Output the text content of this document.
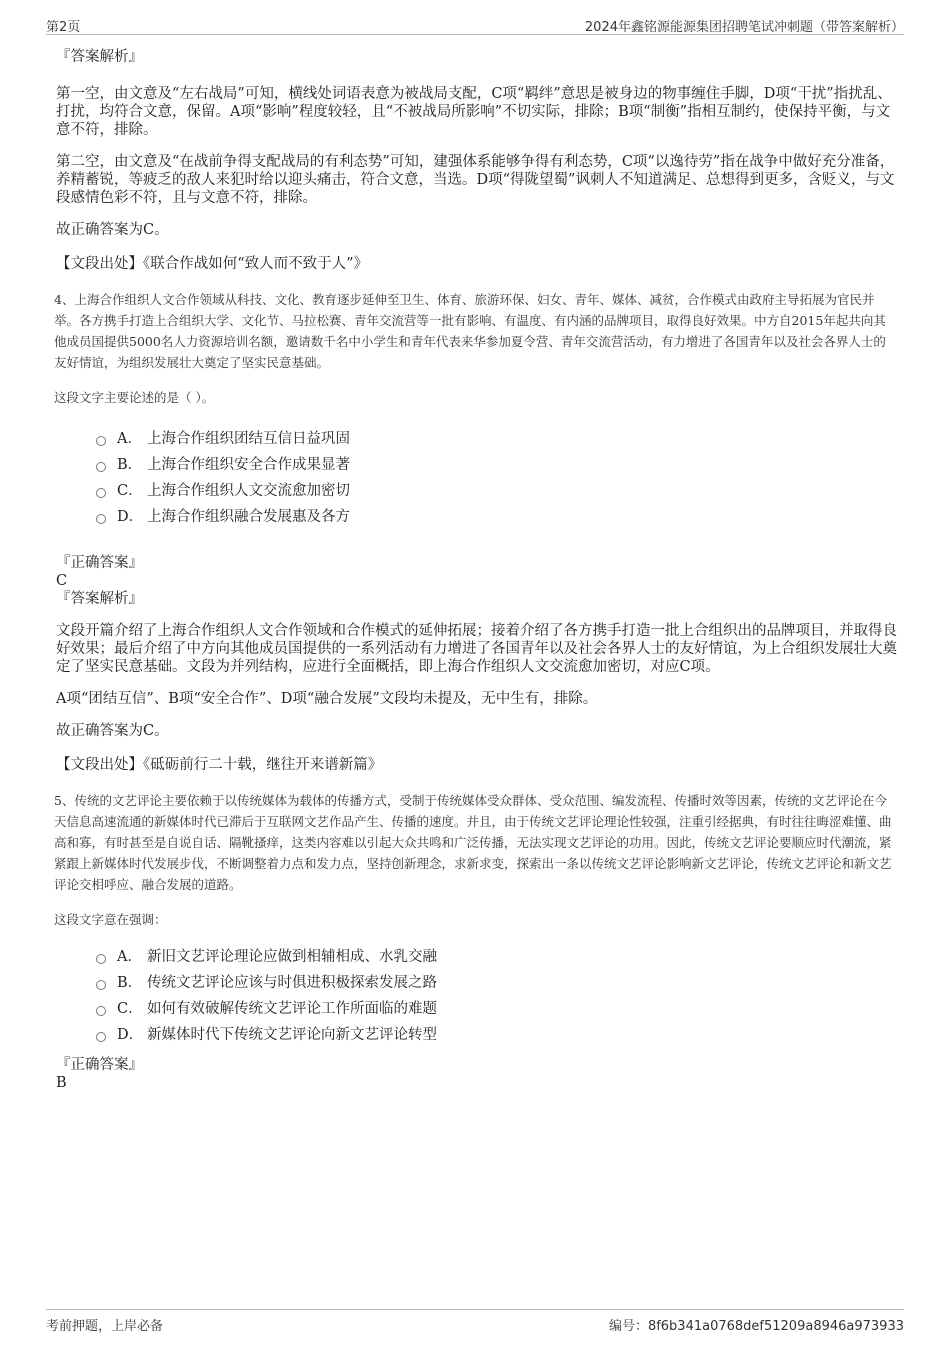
第2页	2024年鑫铭源能源集团招聘笔试冲刺题（带答案解析）

『答案解析』

第一空，由文意及“左右战局”可知，横线处词语表意为被战局支配，C项“羁绊”意思是被身边的物事缠住手脚，D项“干扰”指扰乱、打扰，均符合文意，保留。A项“影响”程度较轻，且“不被战局所影响”不切实际，排除；B项“制衡”指相互制约，使保持平衡，与文意不符，排除。

第二空，由文意及“在战前争得支配战局的有利态势”可知，建强体系能够争得有利态势，C项“以逸待劳”指在战争中做好充分准备，养精蓄锐，等疲乏的敌人来犯时给以迎头痛击，符合文意，当选。D项“得陇望蜀”讽刺人不知道满足、总想得到更多，含贬义，与文段感情色彩不符，且与文意不符，排除。

故正确答案为C。

【文段出处】《联合作战如何“致人而不致于人”》

4、上海合作组织人文合作领域从科技、文化、教育逐步延伸至卫生、体育、旅游环保、妇女、青年、媒体、减贫，合作模式由政府主导拓展为官民并举。各方携手打造上合组织大学、文化节、马拉松赛、青年交流营等一批有影响、有温度、有内涵的品牌项目，取得良好效果。中方自2015年起共向其他成员国提供5000名人力资源培训名额，邀请数千名中小学生和青年代表来华参加夏令营、青年交流营活动，有力增进了各国青年以及社会各界人士的友好情谊，为组织发展壮大奠定了坚实民意基础。

这段文字主要论述的是（ ）。

A． 上海合作组织团结互信日益巩固
B． 上海合作组织安全合作成果显著
C． 上海合作组织人文交流愈加密切
D． 上海合作组织融合发展惠及各方

『正确答案』

C

『答案解析』

文段开篇介绍了上海合作组织人文合作领域和合作模式的延伸拓展；接着介绍了各方携手打造一批上合组织出的品牌项目，并取得良好效果；最后介绍了中方向其他成员国提供的一系列活动有力增进了各国青年以及社会各界人士的友好情谊，为上合组织发展壮大奠定了坚实民意基础。文段为并列结构，应进行全面概括，即上海合作组织人文交流愈加密切，对应C项。

A项“团结互信”、B项“安全合作”、D项“融合发展”文段均未提及，无中生有，排除。

故正确答案为C。

【文段出处】《砥砺前行二十载，继往开来谱新篇》

5、传统的文艺评论主要依赖于以传统媒体为载体的传播方式，受制于传统媒体受众群体、受众范围、编发流程、传播时效等因素，传统的文艺评论在今天信息高速流通的新媒体时代已滞后于互联网文艺作品产生、传播的速度。并且，由于传统文艺评论理论性较强，注重引经据典，有时往往晦涩难懂、曲高和寡，有时甚至是自说自话、隔靴搔痒，这类内容难以引起大众共鸣和广泛传播，无法实现文艺评论的功用。因此，传统文艺评论要顺应时代潮流，紧紧跟上新媒体时代发展步伐，不断调整着力点和发力点，坚持创新理念，求新求变，探索出一条以传统文艺评论影响新文艺评论，传统文艺评论和新文艺评论交相呼应、融合发展的道路。

这段文字意在强调：

A． 新旧文艺评论理论应做到相辅相成、水乳交融
B． 传统文艺评论应该与时俱进积极探索发展之路
C． 如何有效破解传统文艺评论工作所面临的难题
D． 新媒体时代下传统文艺评论向新文艺评论转型

『正确答案』

B

考前押题，上岸必备	编号：8f6b341a0768def51209a8946a973933
